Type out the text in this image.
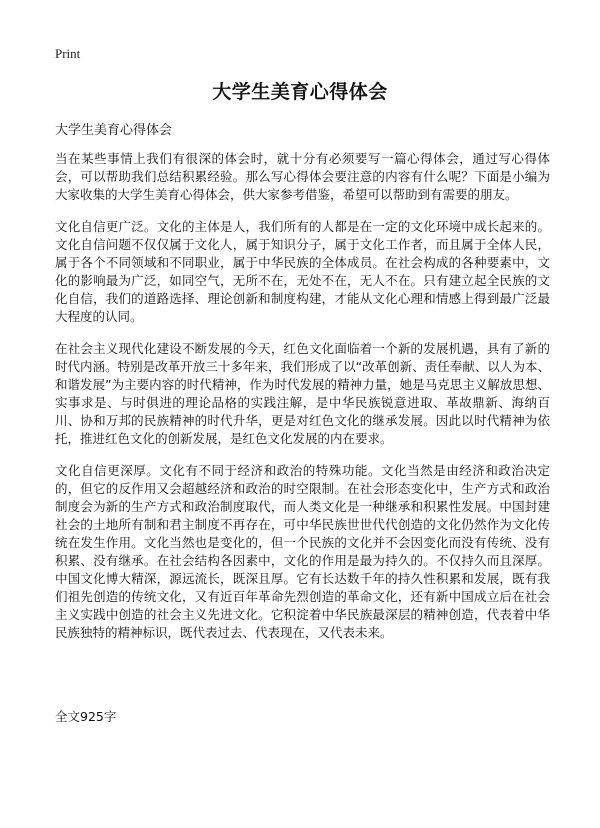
Print
大学生美育心得体会
大学生美育心得体会

当在某些事情上我们有很深的体会时，就十分有必须要写一篇心得体会，通过写心得体会，可以帮助我们总结积累经验。那么写心得体会要注意的内容有什么呢？下面是小编为大家收集的大学生美育心得体会，供大家参考借鉴，希望可以帮助到有需要的朋友。

文化自信更广泛。文化的主体是人，我们所有的人都是在一定的文化环境中成长起来的。文化自信问题不仅仅属于文化人，属于知识分子，属于文化工作者，而且属于全体人民，属于各个不同领域和不同职业，属于中华民族的全体成员。在社会构成的各种要素中，文化的影响最为广泛，如同空气，无所不在，无处不在，无人不在。只有建立起全民族的文化自信，我们的道路选择、理论创新和制度构建，才能从文化心理和情感上得到最广泛最大程度的认同。

在社会主义现代化建设不断发展的今天，红色文化面临着一个新的发展机遇，具有了新的时代内涵。特别是改革开放三十多年来，我们形成了以“改革创新、责任奉献、以人为本、和谐发展”为主要内容的时代精神，作为时代发展的精神力量，她是马克思主义解放思想、实事求是、与时俱进的理论品格的实践注解，是中华民族锐意进取、革故鼎新、海纳百川、协和万邦的民族精神的时代升华，更是对红色文化的继承发展。因此以时代精神为依托，推进红色文化的创新发展，是红色文化发展的内在要求。

文化自信更深厚。文化有不同于经济和政治的特殊功能。文化当然是由经济和政治决定的，但它的反作用又会超越经济和政治的时空限制。在社会形态变化中，生产方式和政治制度会为新的生产方式和政治制度取代，而人类文化是一种继承和积累性发展。中国封建社会的土地所有制和君主制度不再存在，可中华民族世世代代创造的文化仍然作为文化传统在发生作用。文化当然也是变化的，但一个民族的文化并不会因变化而没有传统、没有积累、没有继承。在社会结构各因素中，文化的作用是最为持久的。不仅持久而且深厚。中国文化博大精深，源远流长，既深且厚。它有长达数千年的持久性积累和发展，既有我们祖先创造的传统文化，又有近百年革命先烈创造的革命文化，还有新中国成立后在社会主义实践中创造的社会主义先进文化。它积淀着中华民族最深层的精神创造，代表着中华民族独特的精神标识，既代表过去、代表现在，又代表未来。

全文925字
